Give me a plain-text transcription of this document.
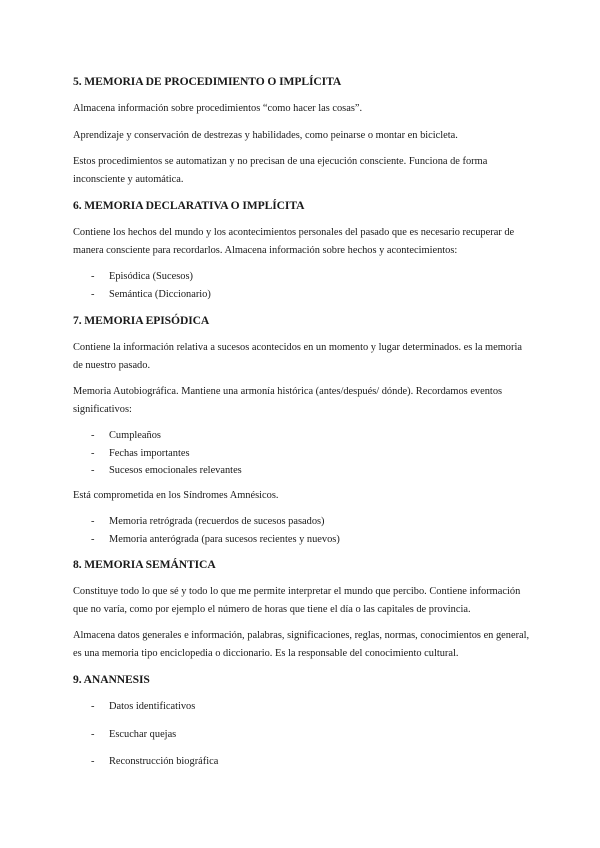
5. MEMORIA DE PROCEDIMIENTO O IMPLÍCITA

Almacena información sobre procedimientos “como hacer las cosas”.

Aprendizaje y conservación de destrezas y habilidades, como peinarse o montar en bicicleta.

Estos procedimientos se automatizan y no precisan de una ejecución consciente. Funciona de forma inconsciente y automática.

6. MEMORIA DECLARATIVA O IMPLÍCITA

Contiene los hechos del mundo y los acontecimientos personales del pasado que es necesario recuperar de manera consciente para recordarlos. Almacena información sobre hechos y acontecimientos:

- Episódica (Sucesos)
- Semántica (Diccionario)
7. MEMORIA EPISÓDICA

Contiene la información relativa a sucesos acontecidos en un momento y lugar determinados. es la memoria de nuestro pasado.

Memoria Autobiográfica. Mantiene una armonía histórica (antes/después/ dónde). Recordamos eventos significativos:

- Cumpleaños
- Fechas importantes
- Sucesos emocionales relevantes

Está comprometida en los Síndromes Amnésicos.

- Memoria retrógrada (recuerdos de sucesos pasados)
- Memoria anterógrada (para sucesos recientes y nuevos)
8. MEMORIA SEMÁNTICA

Constituye todo lo que sé y todo lo que me permite interpretar el mundo que percibo. Contiene información que no varía, como por ejemplo el número de horas que tiene el día o las capitales de provincia.

Almacena datos generales e información, palabras, significaciones, reglas, normas, conocimientos en general, es una memoria tipo enciclopedia o diccionario. Es la responsable del conocimiento cultural.

9. ANANNESIS
- Datos identificativos
- Escuchar quejas
- Reconstrucción biográfica
